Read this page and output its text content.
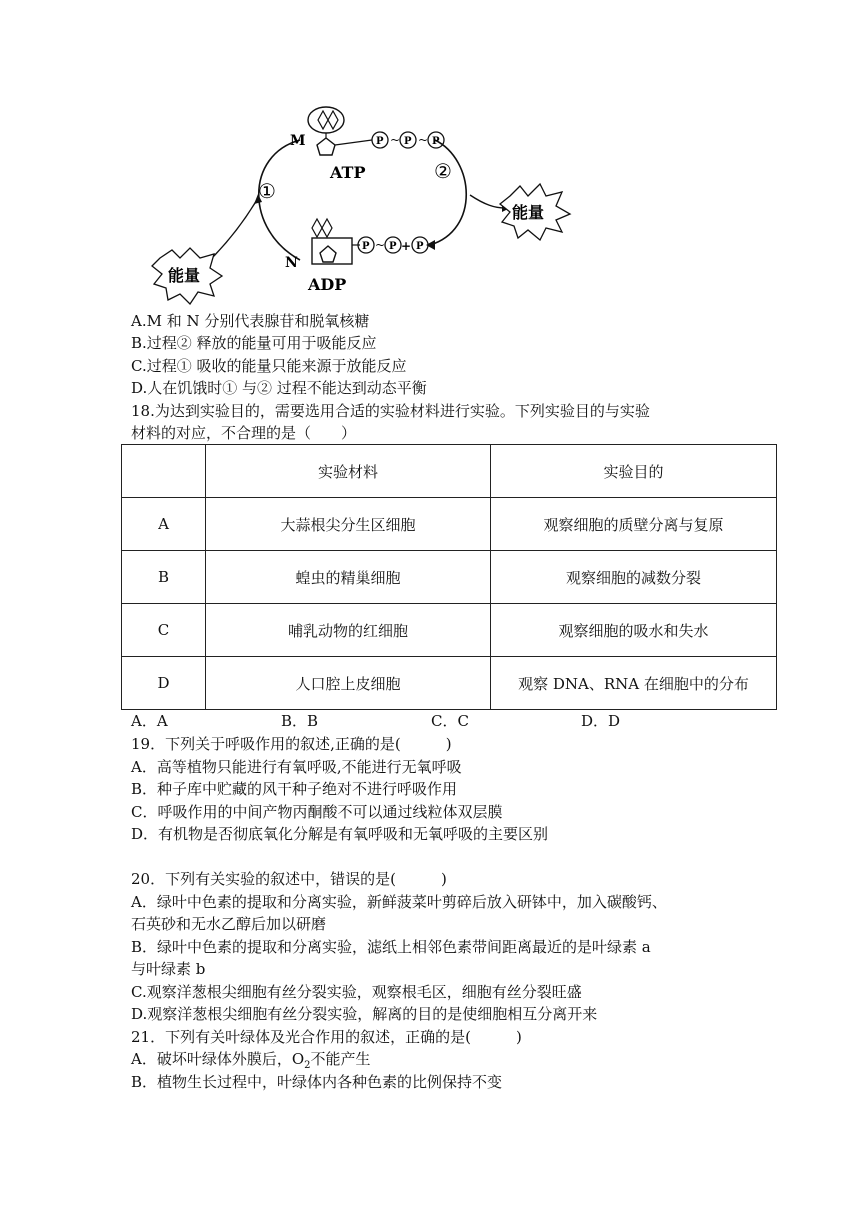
P P P
~ ~
M
ATP
P P P
~ +
N
ADP
①
②
能量
能量
A.M 和 N 分别代表腺苷和脱氧核糖
B.过程② 释放的能量可用于吸能反应
C.过程① 吸收的能量只能来源于放能反应
D.人在饥饿时① 与② 过程不能达到动态平衡
18.为达到实验目的，需要选用合适的实验材料进行实验。下列实验目的与实验
材料的对应，不合理的是（　　）
	实验材料	实验目的
A	大蒜根尖分生区细胞	观察细胞的质壁分离与复原
B	蝗虫的精巢细胞	观察细胞的减数分裂
C	哺乳动物的红细胞	观察细胞的吸水和失水
D	人口腔上皮细胞	观察 DNA、RNA 在细胞中的分布
A．A	B．B	C．C	D．D
19．下列关于呼吸作用的叙述,正确的是(　　　)
A．高等植物只能进行有氧呼吸,不能进行无氧呼吸
B．种子库中贮藏的风干种子绝对不进行呼吸作用
C．呼吸作用的中间产物丙酮酸不可以通过线粒体双层膜
D．有机物是否彻底氧化分解是有氧呼吸和无氧呼吸的主要区别
20．下列有关实验的叙述中，错误的是(　　　)
A．绿叶中色素的提取和分离实验，新鲜菠菜叶剪碎后放入研钵中，加入碳酸钙、
石英砂和无水乙醇后加以研磨
B．绿叶中色素的提取和分离实验，滤纸上相邻色素带间距离最近的是叶绿素 a
与叶绿素 b
C.观察洋葱根尖细胞有丝分裂实验，观察根毛区，细胞有丝分裂旺盛
D.观察洋葱根尖细胞有丝分裂实验，解离的目的是使细胞相互分离开来
21．下列有关叶绿体及光合作用的叙述，正确的是(　　　)
A．破坏叶绿体外膜后，$O_2$不能产生
B．植物生长过程中，叶绿体内各种色素的比例保持不变
